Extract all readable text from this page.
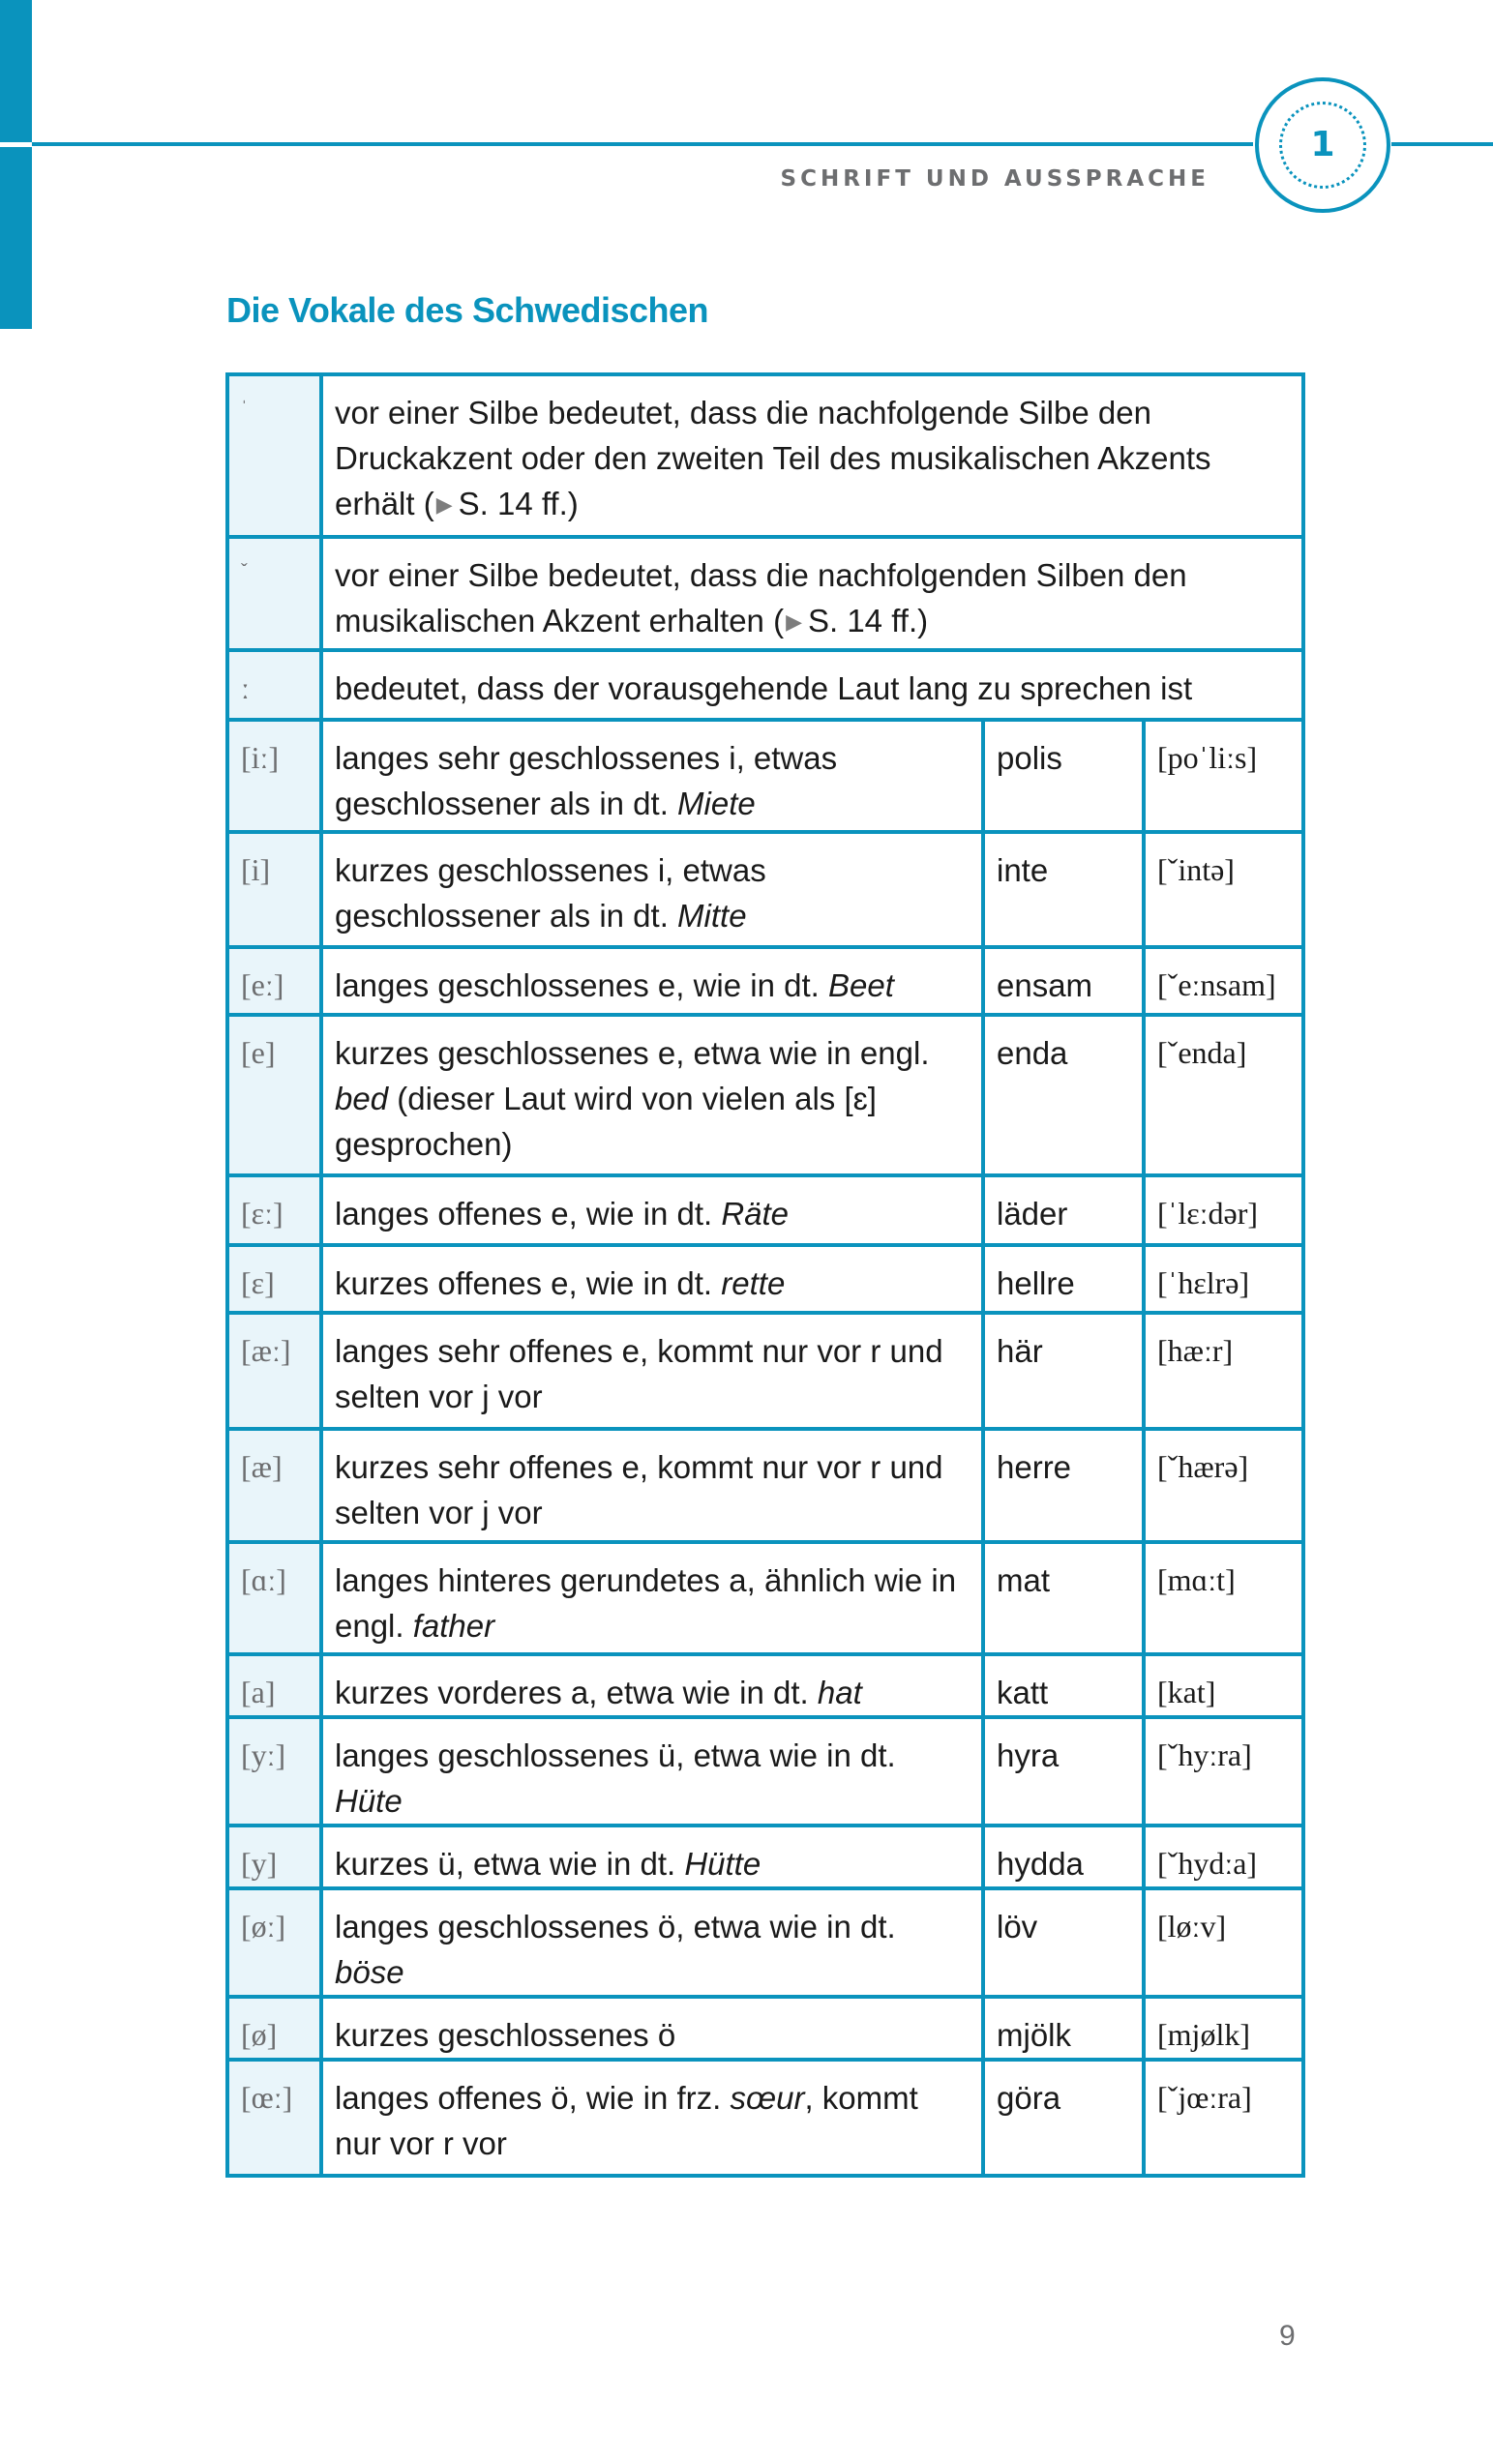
1
SCHRIFT UND AUSSPRACHE
Die Vokale des Schwedischen
$^ˈ$	vor einer Silbe bedeutet, dass die nachfolgende Silbe den Druckakzent oder den zweiten Teil des musikalischen Akzents erhält (▶ S. 14 ff.)		
$^ˇ$	vor einer Silbe bedeutet, dass die nachfolgenden Silben den musikalischen Akzent erhalten (▶ S. 14 ff.)		
ː	bedeutet, dass der vorausgehende Laut lang zu sprechen ist		
[iː]	langes sehr geschlossenes i, etwas geschlossener als in dt. Miete	polis	[poˈliːs]
[i]	kurzes geschlossenes i, etwas geschlossener als in dt. Mitte	inte	[ˇintə]
[eː]	langes geschlossenes e, wie in dt. Beet	ensam	[ˇeːnsam]
[e]	kurzes geschlossenes e, etwa wie in engl. bed (dieser Laut wird von vielen als [ɛ] gesprochen)	enda	[ˇenda]
[ɛː]	langes offenes e, wie in dt. Räte	läder	[ˈlɛːdər]
[ɛ]	kurzes offenes e, wie in dt. rette	hellre	[ˈhɛlrə]
[æː]	langes sehr offenes e, kommt nur vor r und selten vor j vor	här	[hæːr]
[æ]	kurzes sehr offenes e, kommt nur vor r und selten vor j vor	herre	[ˇhærə]
[ɑː]	langes hinteres gerundetes a, ähnlich wie in engl. father	mat	[mɑːt]
[a]	kurzes vorderes a, etwa wie in dt. hat	katt	[kat]
[yː]	langes geschlossenes ü, etwa wie in dt. Hüte	hyra	[ˇhyːra]
[y]	kurzes ü, etwa wie in dt. Hütte	hydda	[ˇhydːa]
[øː]	langes geschlossenes ö, etwa wie in dt. böse	löv	[løːv]
[ø]	kurzes geschlossenes ö	mjölk	[mjølk]
[œː]	langes offenes ö, wie in frz. sœur, kommt nur vor r vor	göra	[ˇjœːra]
9
